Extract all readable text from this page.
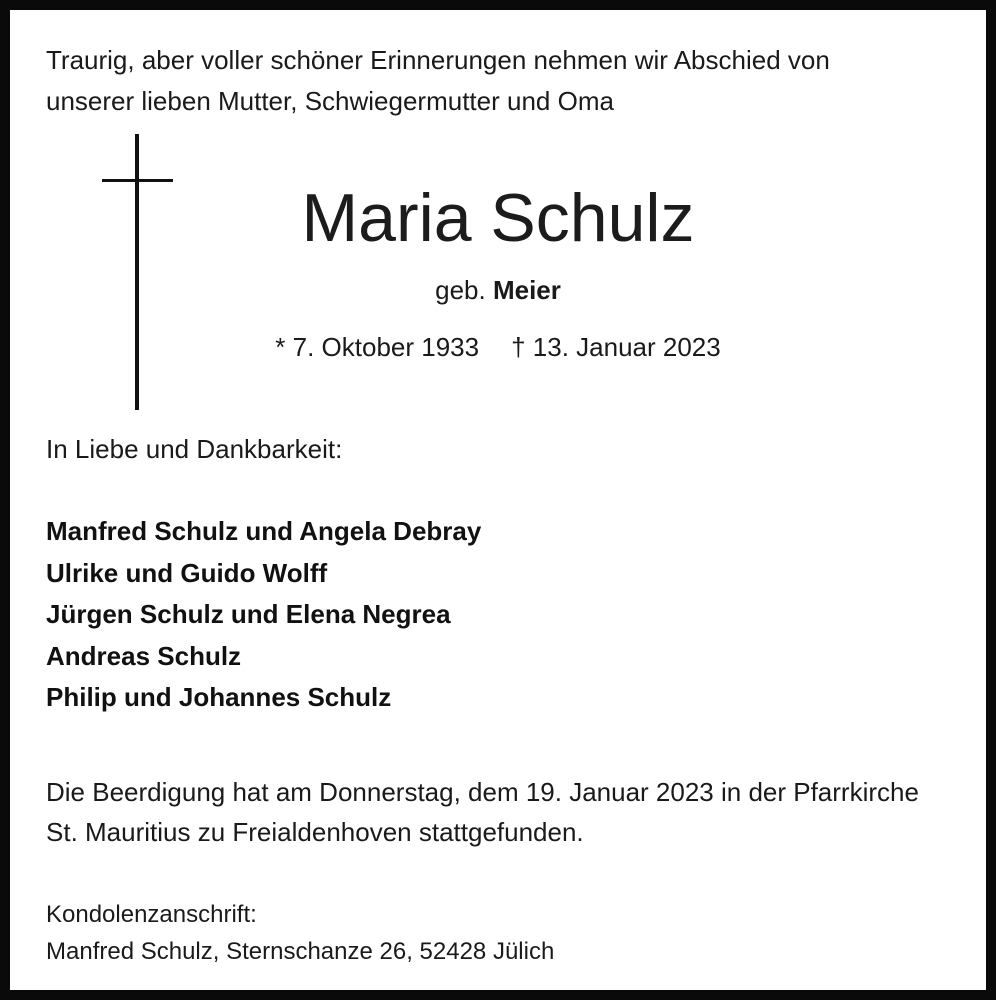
Traurig, aber voller schöner Erinnerungen nehmen wir Abschied von
unserer lieben Mutter, Schwiegermutter und Oma

Maria Schulz

geb. Meier

* 7. Oktober 1933 † 13. Januar 2023

In Liebe und Dankbarkeit:

Manfred Schulz und Angela Debray
Ulrike und Guido Wolff
Jürgen Schulz und Elena Negrea
Andreas Schulz
Philip und Johannes Schulz

Die Beerdigung hat am Donnerstag, dem 19. Januar 2023 in der Pfarrkirche
St. Mauritius zu Freialdenhoven stattgefunden.

Kondolenzanschrift:
Manfred Schulz, Sternschanze 26, 52428 Jülich
